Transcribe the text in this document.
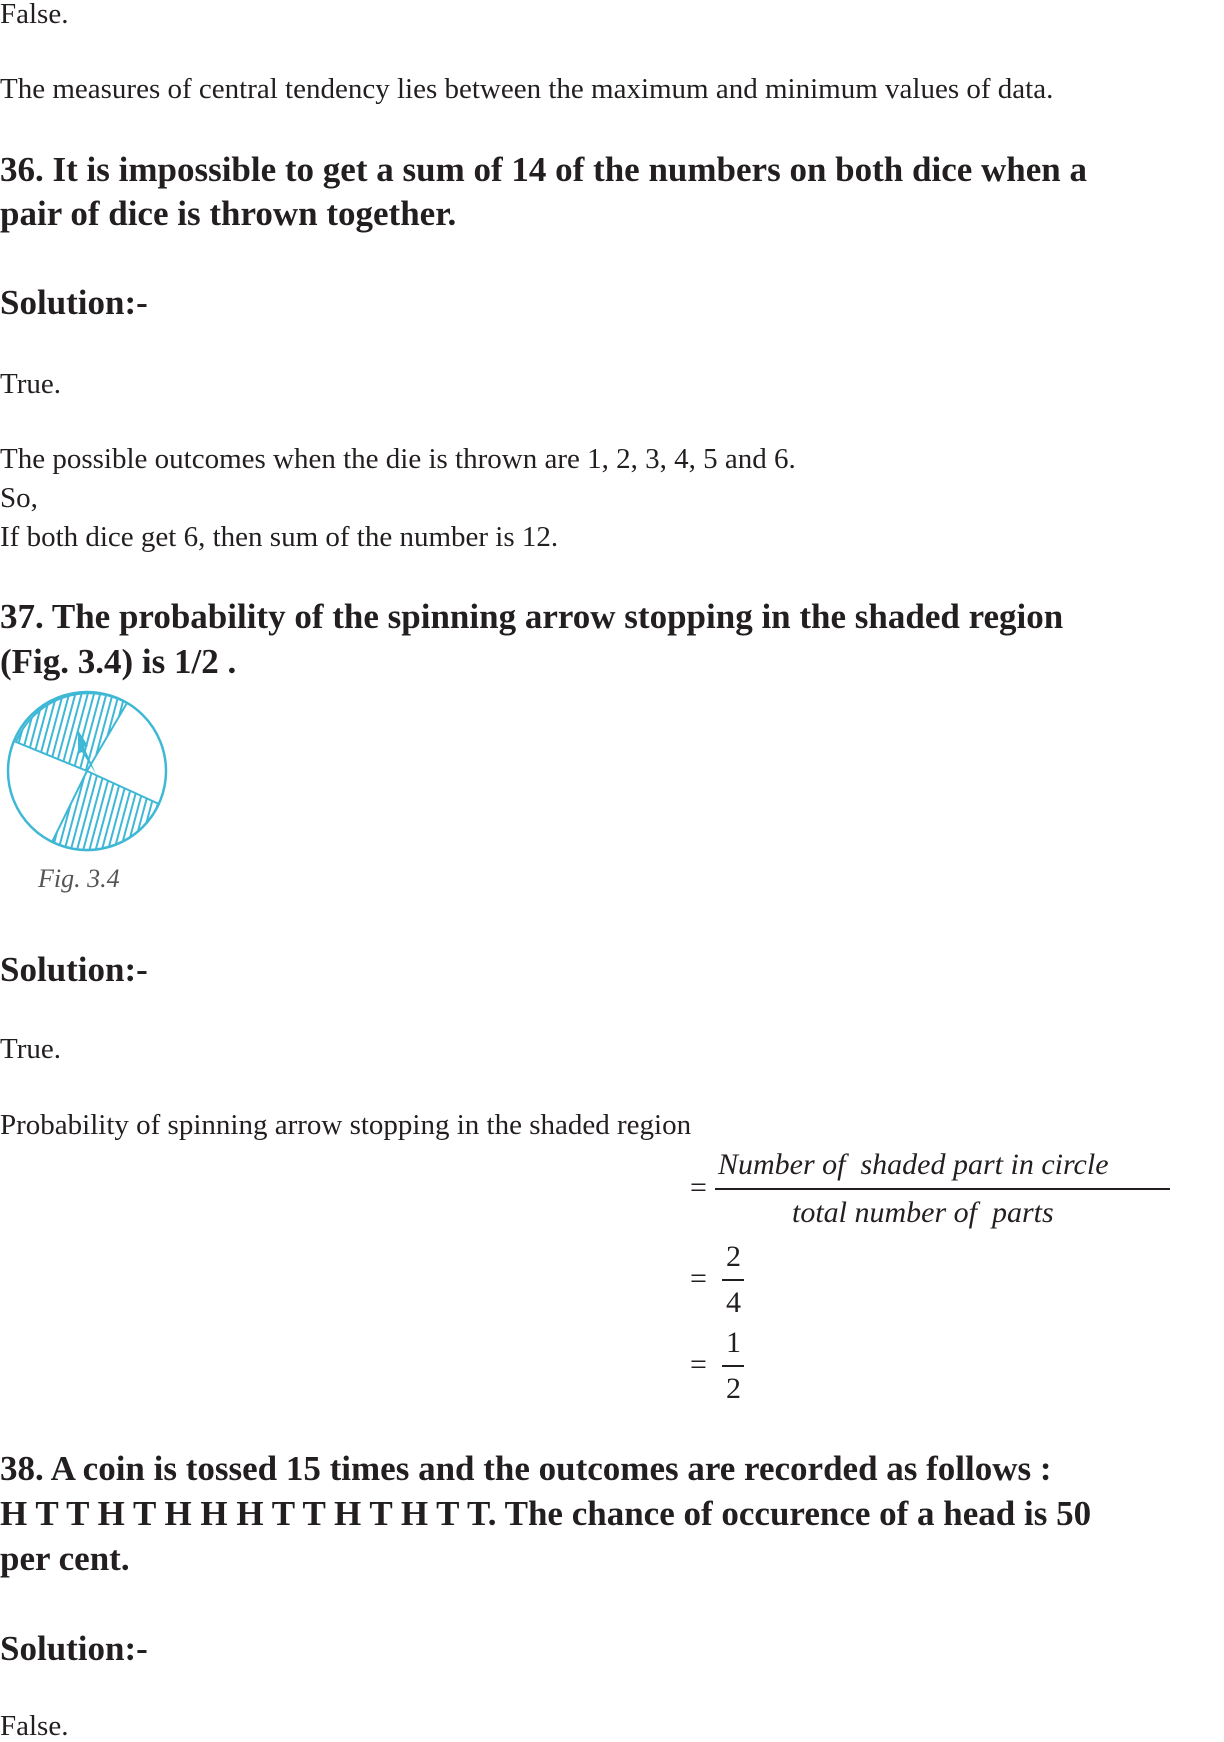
False.
The measures of central tendency lies between the maximum and minimum values of data.
36. It is impossible to get a sum of 14 of the numbers on both dice when a
pair of dice is thrown together.
Solution:-
True.
The possible outcomes when the die is thrown are 1, 2, 3, 4, 5 and 6.
So,
If both dice get 6, then sum of the number is 12.
37. The probability of the spinning arrow stopping in the shaded region
(Fig. 3.4) is 1/2 .
Fig. 3.4
Solution:-
True.
Probability of spinning arrow stopping in the shaded region
=
Number of  shaded part in circle
total number of  parts
=
2
4
=
1
2
38. A coin is tossed 15 times and the outcomes are recorded as follows :
H T T H T H H H T T H T H T T. The chance of occurence of a head is 50
per cent.
Solution:-
False.
